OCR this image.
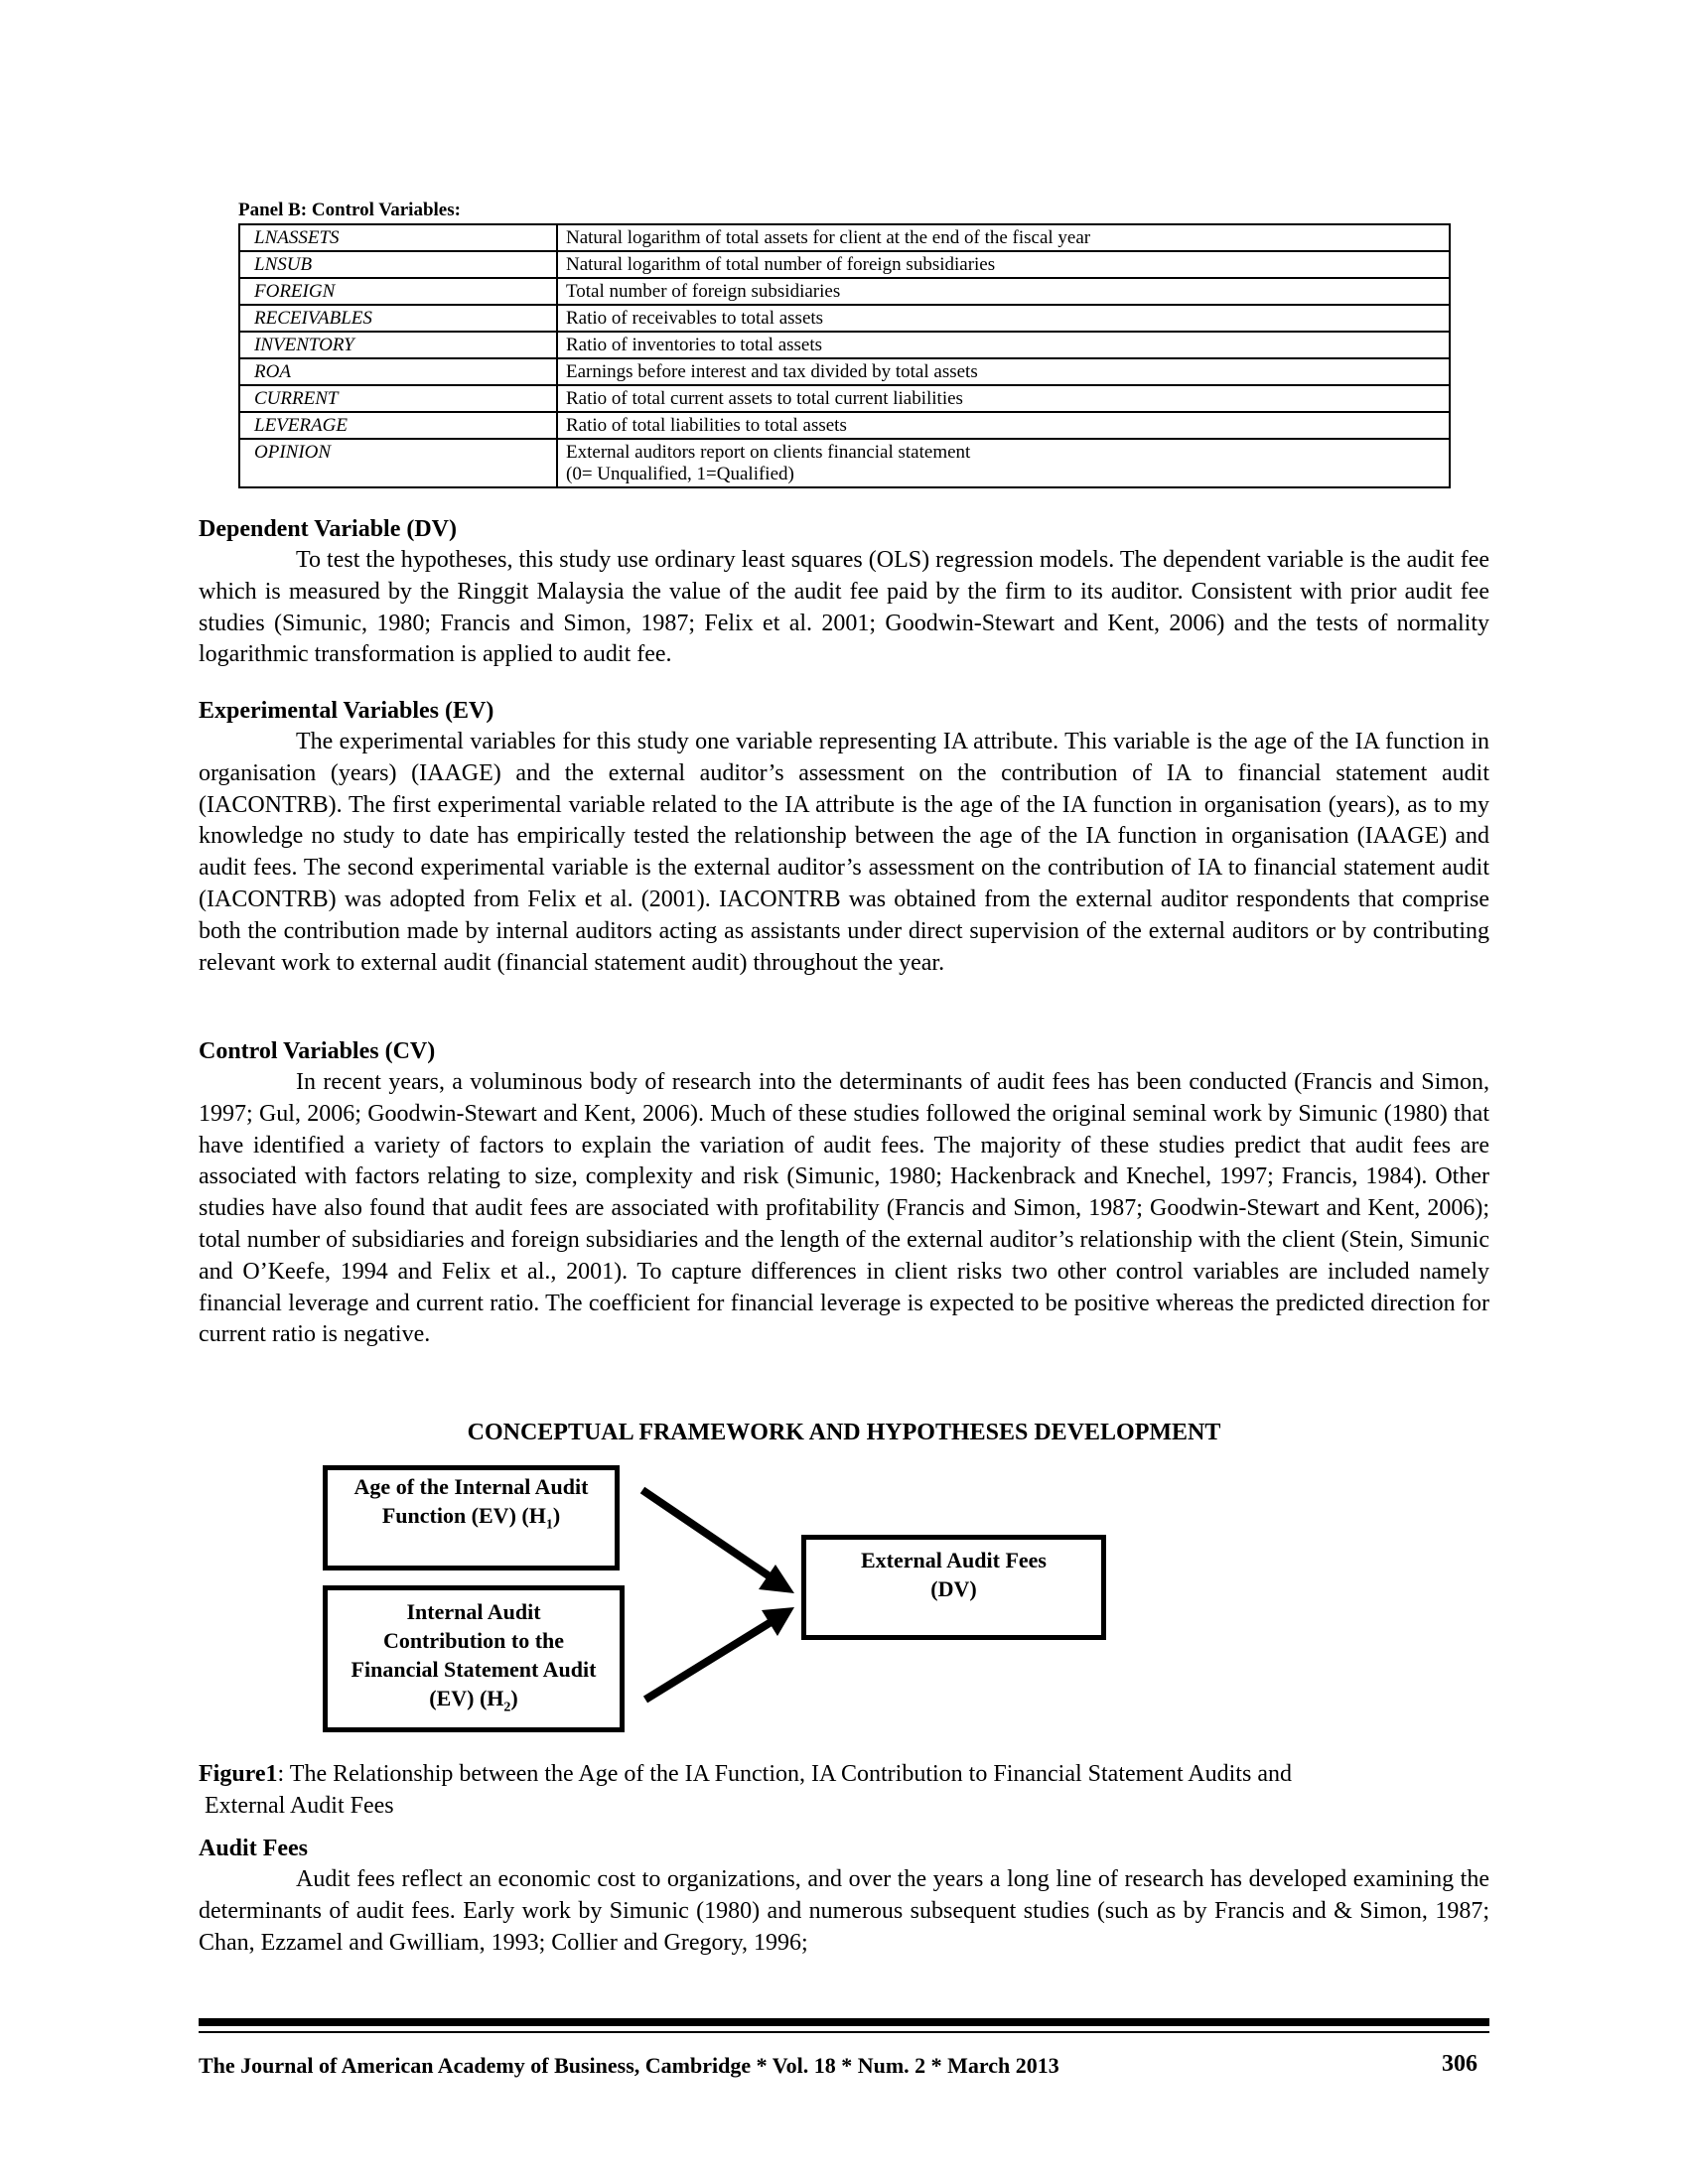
Panel B: Control Variables:
LNASSETS	Natural logarithm of total assets for client at the end of the fiscal year

LNSUB	Natural logarithm of total number of foreign subsidiaries

FOREIGN	Total number of foreign subsidiaries

RECEIVABLES	Ratio of receivables to total assets

INVENTORY	Ratio of inventories to total assets

ROA	Earnings before interest and tax divided by total assets

CURRENT	Ratio of total current assets to total current liabilities

LEVERAGE	Ratio of total liabilities to total assets

OPINION	External auditors report on clients financial statement
(0= Unqualified, 1=Qualified)
Dependent Variable (DV)

To test the hypotheses, this study use ordinary least squares (OLS) regression models. The dependent variable is the audit fee which is measured by the Ringgit Malaysia the value of the audit fee paid by the firm to its auditor. Consistent with prior audit fee studies (Simunic, 1980; Francis and Simon, 1987; Felix et al. 2001; Goodwin-Stewart and Kent, 2006) and the tests of normality logarithmic transformation is applied to audit fee.

Experimental Variables (EV)

The experimental variables for this study one variable representing IA attribute. This variable is the age of the IA function in organisation (years) (IAAGE) and the external auditor’s assessment on the contribution of IA to financial statement audit (IACONTRB). The first experimental variable related to the IA attribute is the age of the IA function in organisation (years), as to my knowledge no study to date has empirically tested the relationship between the age of the IA function in organisation (IAAGE) and audit fees. The second experimental variable is the external auditor’s assessment on the contribution of IA to financial statement audit (IACONTRB) was adopted from Felix et al. (2001). IACONTRB was obtained from the external auditor respondents that comprise both the contribution made by internal auditors acting as assistants under direct supervision of the external auditors or by contributing relevant work to external audit (financial statement audit) throughout the year.

Control Variables (CV)

In recent years, a voluminous body of research into the determinants of audit fees has been conducted (Francis and Simon, 1997; Gul, 2006; Goodwin-Stewart and Kent, 2006). Much of these studies followed the original seminal work by Simunic (1980) that have identified a variety of factors to explain the variation of audit fees. The majority of these studies predict that audit fees are associated with factors relating to size, complexity and risk (Simunic, 1980; Hackenbrack and Knechel, 1997; Francis, 1984). Other studies have also found that audit fees are associated with profitability (Francis and Simon, 1987; Goodwin-Stewart and Kent, 2006); total number of subsidiaries and foreign subsidiaries and the length of the external auditor’s relationship with the client (Stein, Simunic and O’Keefe, 1994 and Felix et al., 2001). To capture differences in client risks two other control variables are included namely financial leverage and current ratio. The coefficient for financial leverage is expected to be positive whereas the predicted direction for current ratio is negative.

CONCEPTUAL FRAMEWORK AND HYPOTHESES DEVELOPMENT
Age of the Internal Audit
Function (EV) $(H_1)$
Internal Audit
Contribution to the
Financial Statement Audit
(EV) $(H_2)$
External Audit Fees
(DV)
Figure1: The Relationship between the Age of the IA Function, IA Contribution to Financial Statement Audits and
External Audit Fees
Audit Fees

Audit fees reflect an economic cost to organizations, and over the years a long line of research has developed examining the determinants of audit fees. Early work by Simunic (1980) and numerous subsequent studies (such as by Francis and & Simon, 1987; Chan, Ezzamel and Gwilliam, 1993; Collier and Gregory, 1996;

The Journal of American Academy of Business, Cambridge * Vol. 18 * Num. 2 * March 2013	306
